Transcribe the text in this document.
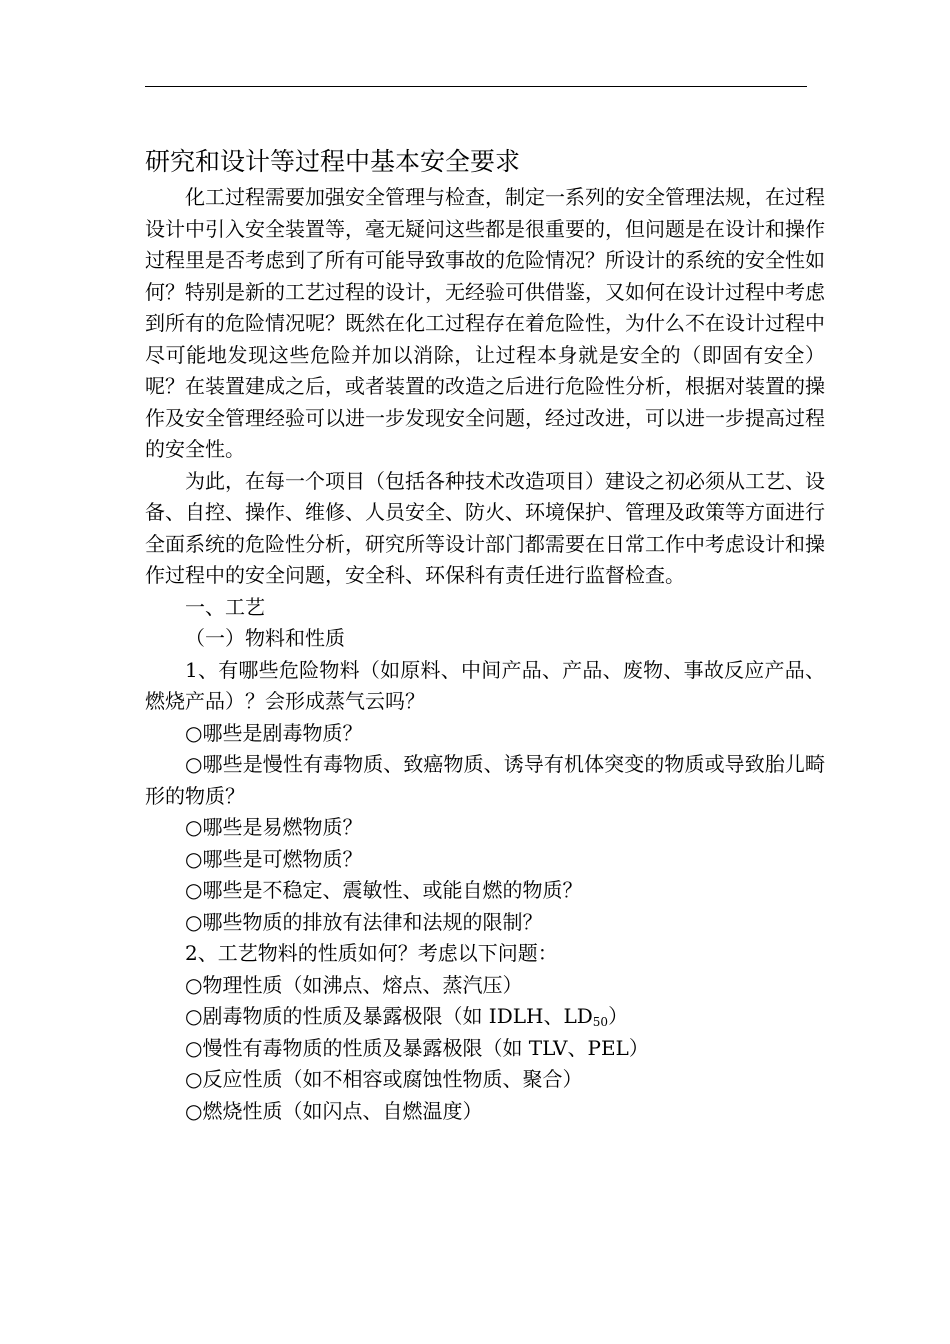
研究和设计等过程中基本安全要求

化工过程需要加强安全管理与检查，制定一系列的安全管理法规，在过程设计中引入安全装置等，毫无疑问这些都是很重要的，但问题是在设计和操作过程里是否考虑到了所有可能导致事故的危险情况？所设计的系统的安全性如何？特别是新的工艺过程的设计，无经验可供借鉴，又如何在设计过程中考虑到所有的危险情况呢？既然在化工过程存在着危险性，为什么不在设计过程中尽可能地发现这些危险并加以消除，让过程本身就是安全的（即固有安全）呢？在装置建成之后，或者装置的改造之后进行危险性分析，根据对装置的操作及安全管理经验可以进一步发现安全问题，经过改进，可以进一步提高过程的安全性。

为此，在每一个项目（包括各种技术改造项目）建设之初必须从工艺、设备、自控、操作、维修、人员安全、防火、环境保护、管理及政策等方面进行全面系统的危险性分析，研究所等设计部门都需要在日常工作中考虑设计和操作过程中的安全问题，安全科、环保科有责任进行监督检查。

一、工艺

（一）物料和性质

1、有哪些危险物料（如原料、中间产品、产品、废物、事故反应产品、燃烧产品）？会形成蒸气云吗？

○哪些是剧毒物质？

○哪些是慢性有毒物质、致癌物质、诱导有机体突变的物质或导致胎儿畸形的物质？

○哪些是易燃物质？

○哪些是可燃物质？

○哪些是不稳定、震敏性、或能自燃的物质？

○哪些物质的排放有法律和法规的限制？

2、工艺物料的性质如何？考虑以下问题：

○物理性质（如沸点、熔点、蒸汽压）

○剧毒物质的性质及暴露极限（如 IDLH、$LD_{50}$）

○慢性有毒物质的性质及暴露极限（如 TLV、PEL）

○反应性质（如不相容或腐蚀性物质、聚合）

○燃烧性质（如闪点、自燃温度）
